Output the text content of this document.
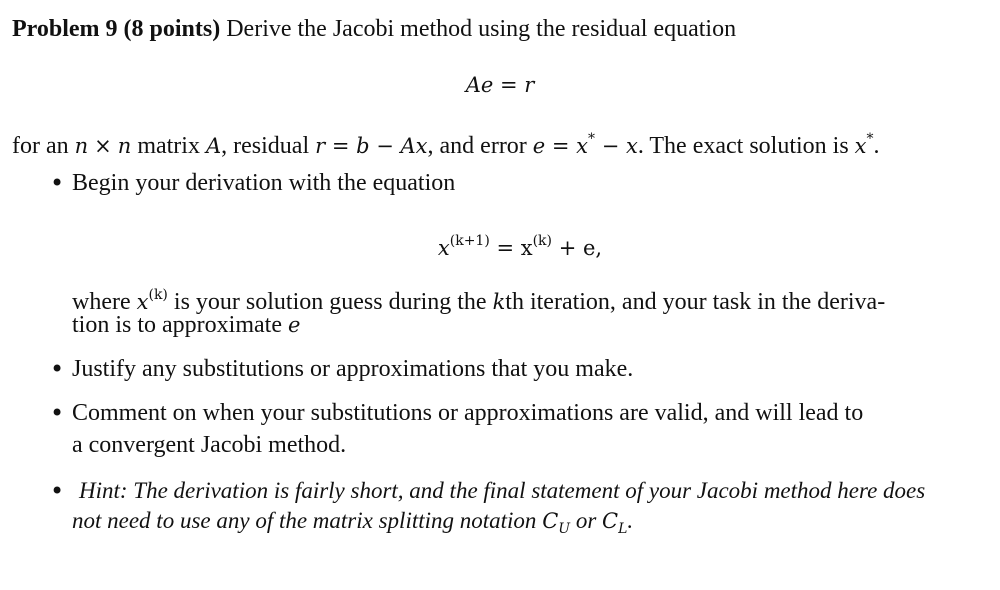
Problem 9 (8 points) Derive the Jacobi method using the residual equation
Ae = r
for an n × n matrix A, residual r = b − Ax, and error e = x* − x. The exact solution is x*.
• Begin your derivation with the equation
$x^{(k+1)} = x^{(k)} + e$,
where $x^{(k)}$ is your solution guess during the kth iteration, and your task in the deriva-
tion is to approximate e
• Justify any substitutions or approximations that you make.
• Comment on when your substitutions or approximations are valid, and will lead to
a convergent Jacobi method.
• Hint: The derivation is fairly short, and the final statement of your Jacobi method here does
not need to use any of the matrix splitting notation $C_U$ or $C_L$.
